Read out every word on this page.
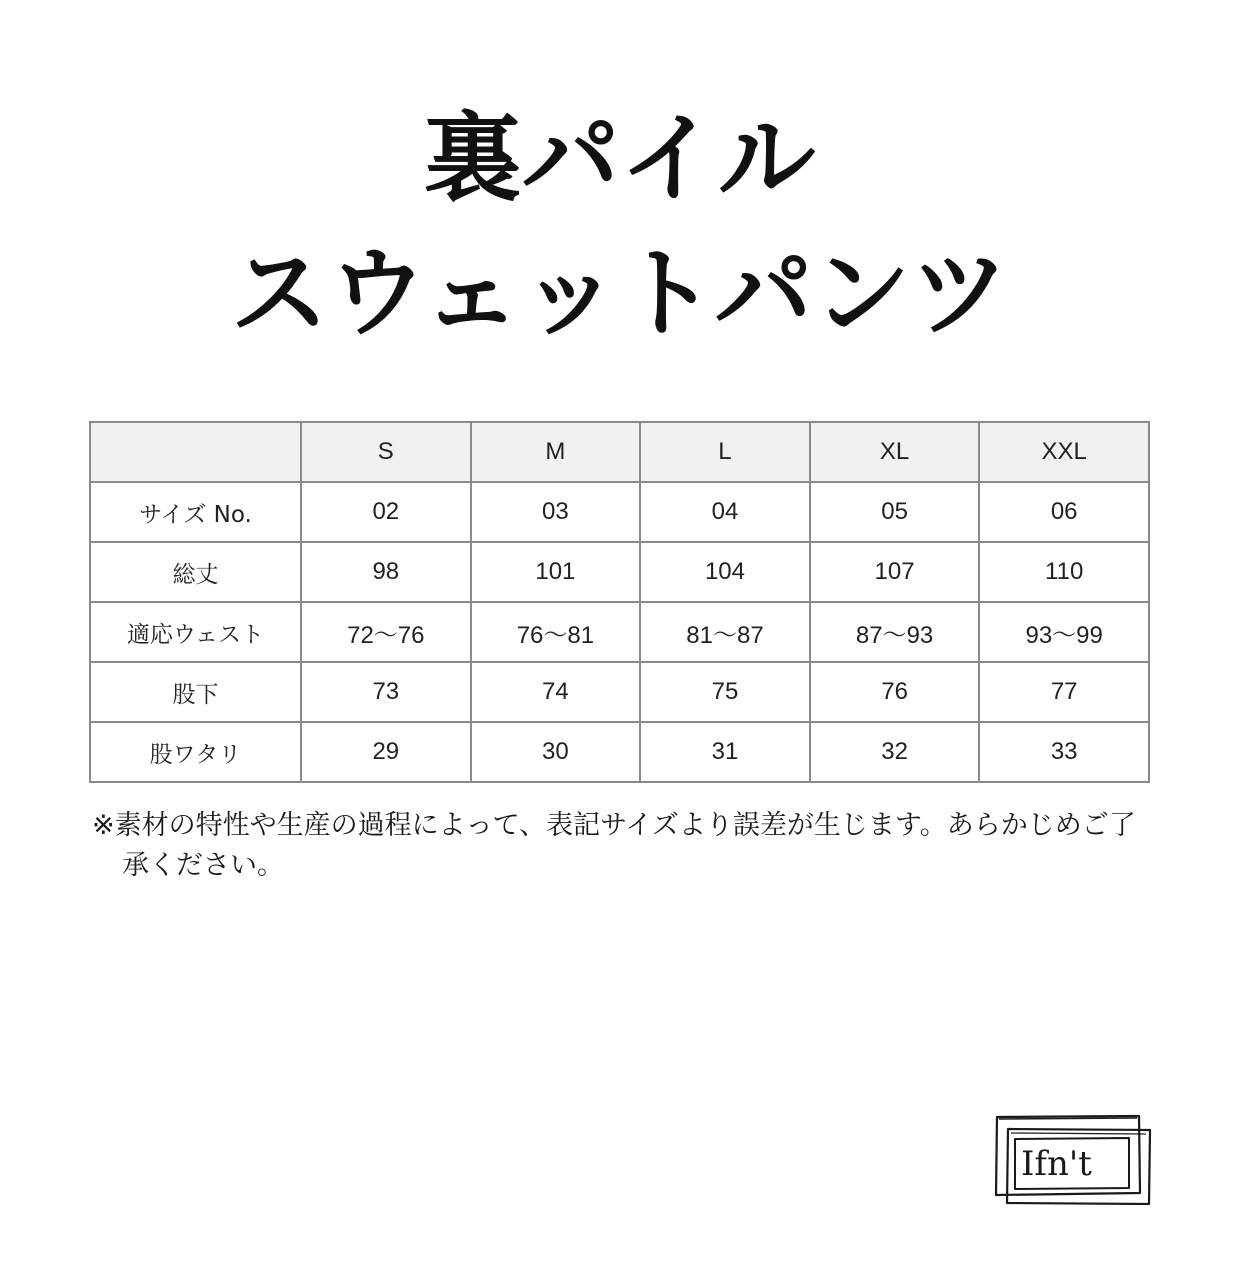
裏パイル
スウェットパンツ
	S	M	L	XL	XXL
サイズ No.	02	03	04	05	06
総丈	98	101	104	107	110
適応ウェスト	72〜76	76〜81	81〜87	87〜93	93〜99
股下	73	74	75	76	77
股ワタリ	29	30	31	32	33
※素材の特性や生産の過程によって、表記サイズより誤差が生じます。あらかじめご了承ください。
Ifn't
